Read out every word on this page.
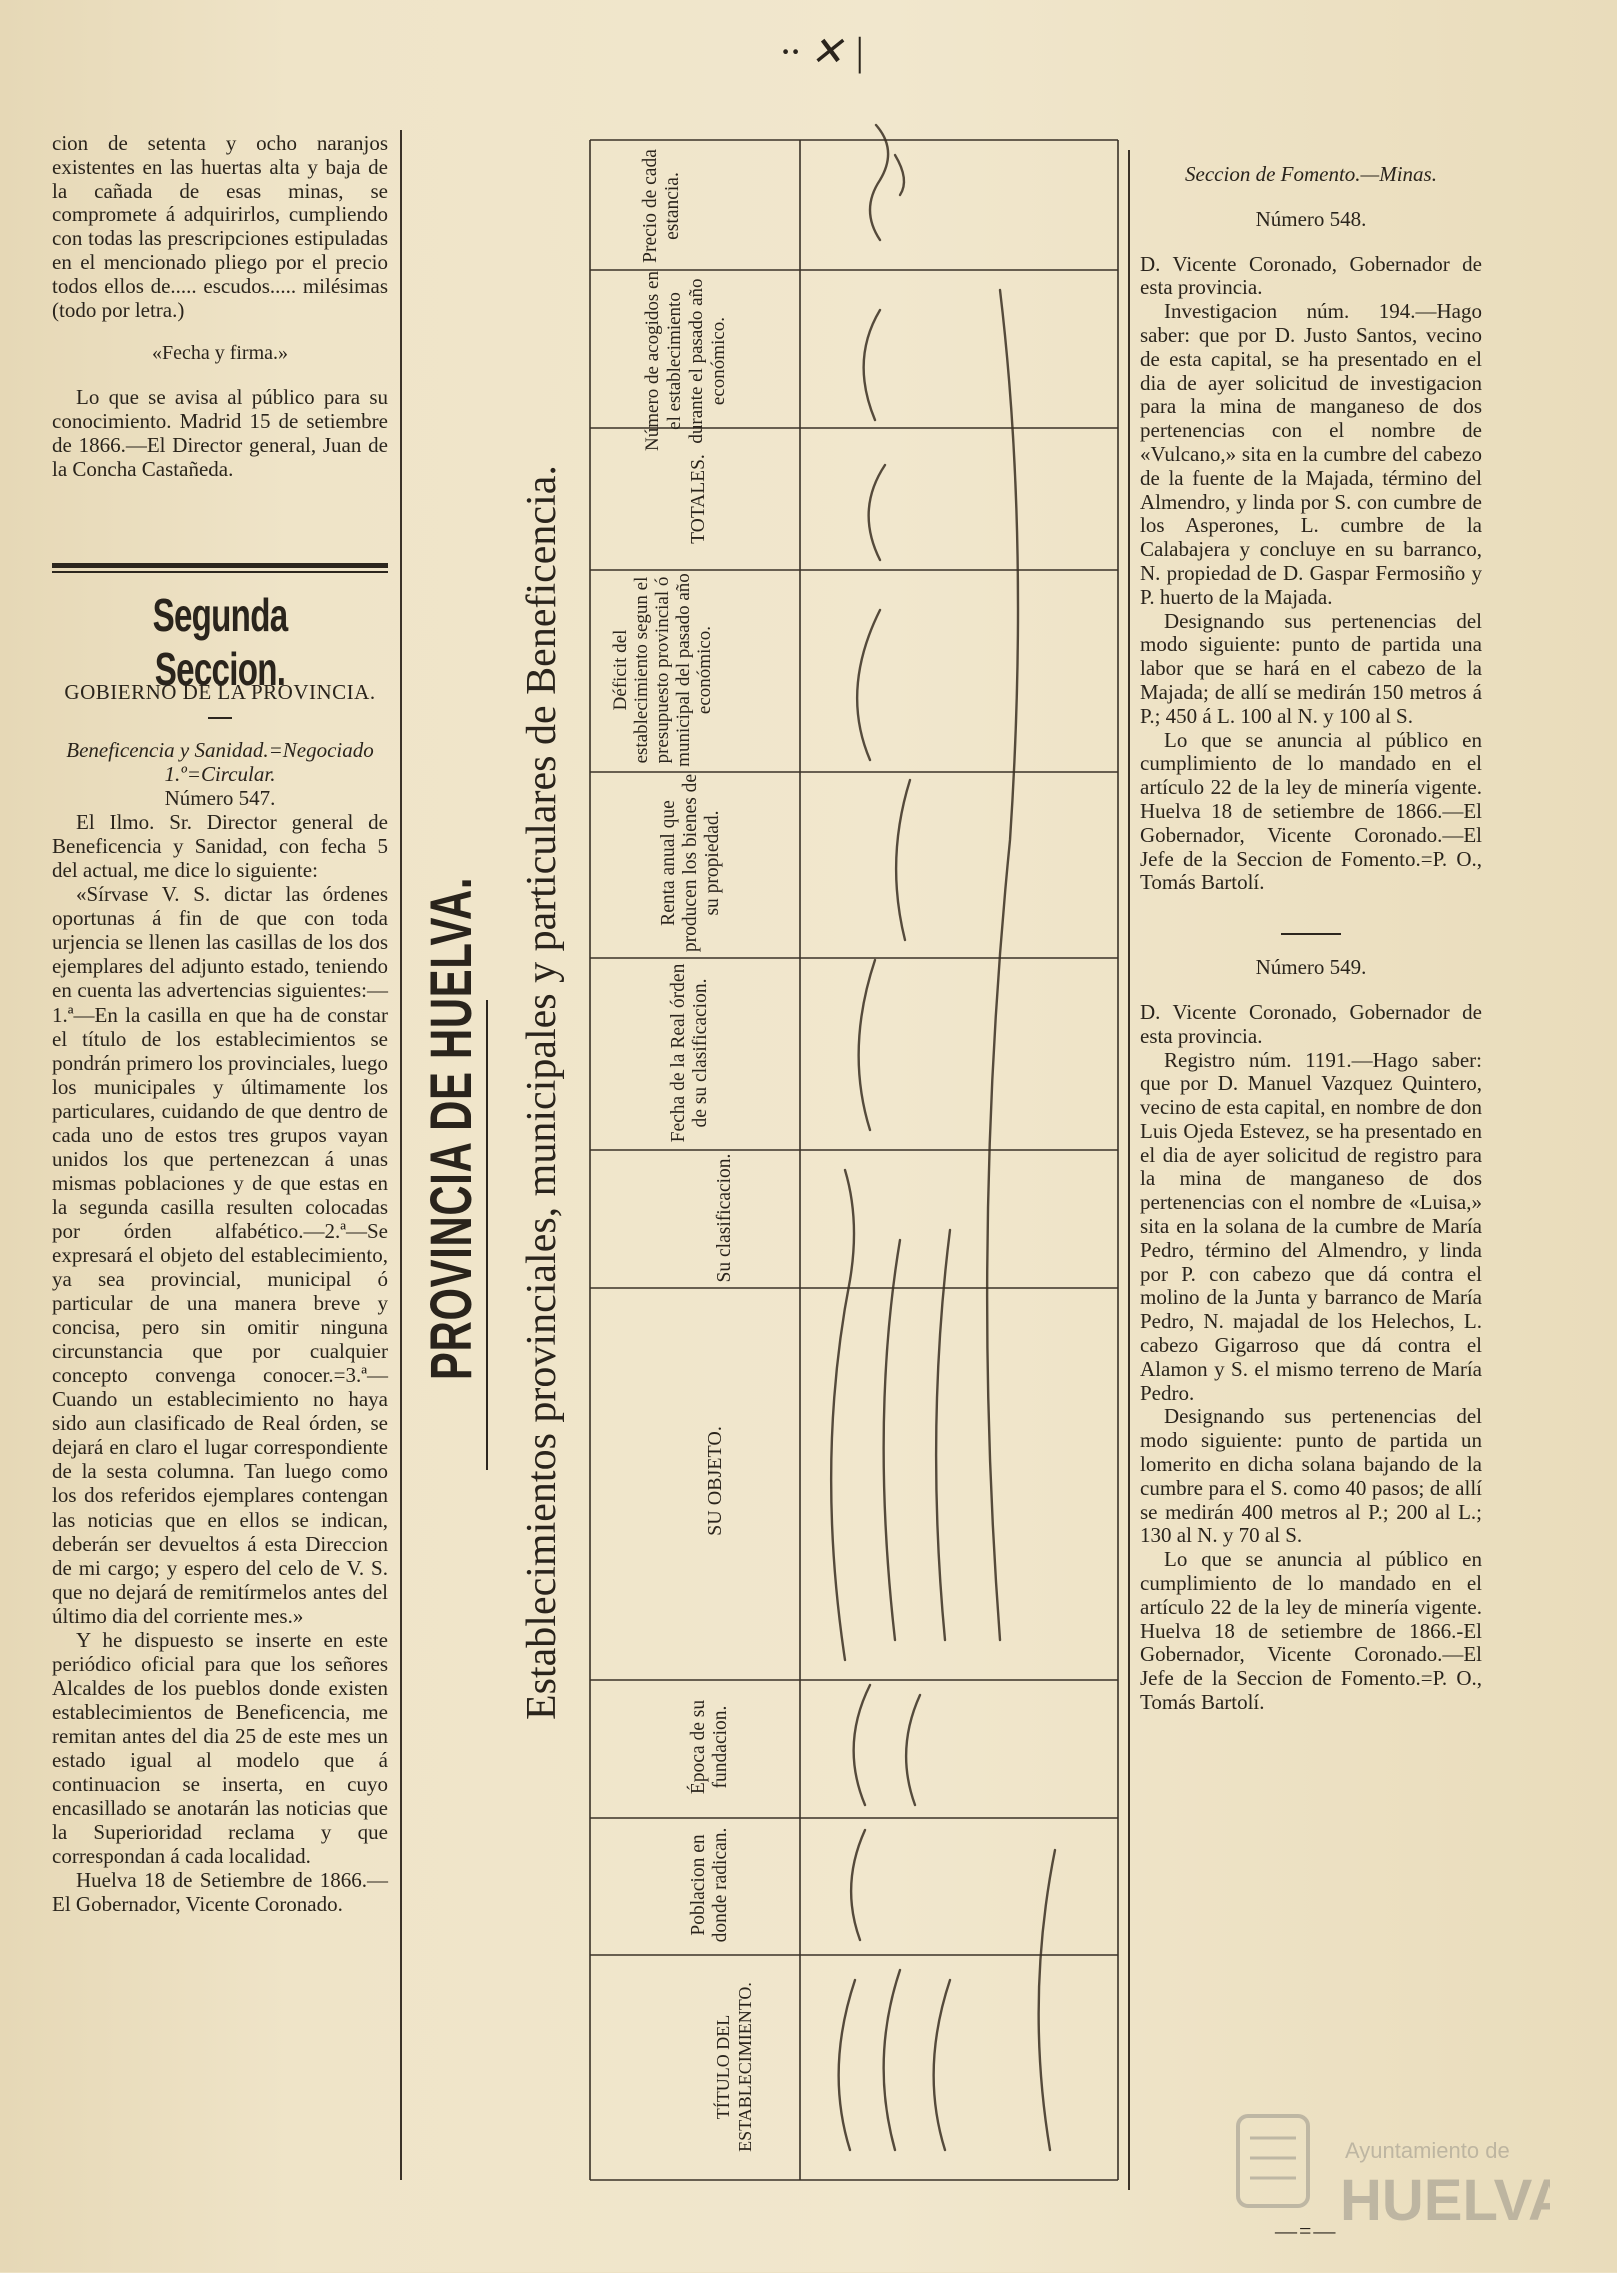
cion de setenta y ocho naranjos existentes en las huertas alta y baja de la cañada de esas minas, se compromete á adquirirlos, cumpliendo con todas las prescripciones estipuladas en el mencionado pliego por el precio todos ellos de..... escudos..... milésimas (todo por letra.)

«Fecha y firma.»

Lo que se avisa al público para su conocimiento. Madrid 15 de setiembre de 1866.—El Director general, Juan de la Concha Castañeda.

Segunda Seccion.
GOBIERNO DE LA PROVINCIA.

Beneficencia y Sanidad.=Negociado 1.º=Circular.

Número 547.

El Ilmo. Sr. Director general de Beneficencia y Sanidad, con fecha 5 del actual, me dice lo siguiente:

«Sírvase V. S. dictar las órdenes oportunas á fin de que con toda urjencia se llenen las casillas de los dos ejemplares del adjunto estado, teniendo en cuenta las advertencias siguientes:—1.ª—En la casilla en que ha de constar el título de los establecimientos se pondrán primero los provinciales, luego los municipales y últimamente los particulares, cuidando de que dentro de cada uno de estos tres grupos vayan unidos los que pertenezcan á unas mismas poblaciones y de que estas en la segunda casilla resulten colocadas por órden alfabético.—2.ª—Se expresará el objeto del establecimiento, ya sea provincial, municipal ó particular de una manera breve y concisa, pero sin omitir ninguna circunstancia que por cualquier concepto convenga conocer.=3.ª—Cuando un establecimiento no haya sido aun clasificado de Real órden, se dejará en claro el lugar correspondiente de la sesta columna. Tan luego como los dos referidos ejemplares contengan las noticias que en ellos se indican, deberán ser devueltos á esta Direccion de mi cargo; y espero del celo de V. S. que no dejará de remitírmelos antes del último dia del corriente mes.»

Y he dispuesto se inserte en este periódico oficial para que los señores Alcaldes de los pueblos donde existen establecimientos de Beneficencia, me remitan antes del dia 25 de este mes un estado igual al modelo que á continuacion se inserta, en cuyo encasillado se anotarán las noticias que la Superioridad reclama y que correspondan á cada localidad.

Huelva 18 de Setiembre de 1866.—El Gobernador, Vicente Coronado.

PROVINCIA DE HUELVA. Establecimientos provinciales, municipales y particulares de Beneficencia.
Precio de cada estancia.
Número de acogidos en el establecimiento durante el pasado año económico.
TOTALES.
Déficit del establecimiento segun el presupuesto provincial ó municipal del pasado año económico.
Renta anual que producen los bienes de su propiedad.
Fecha de la Real órden de su clasificacion.
Su clasificacion.
SU OBJETO.
Época de su fundacion.
Poblacion en donde radican.
TÍTULO DEL ESTABLECIMIENTO.
·· ✕ |

Seccion de Fomento.—Minas.

Número 548.

D. Vicente Coronado, Gobernador de esta provincia.

Investigacion núm. 194.—Hago saber: que por D. Justo Santos, vecino de esta capital, se ha presentado en el dia de ayer solicitud de investigacion para la mina de manganeso de dos pertenencias con el nombre de «Vulcano,» sita en la cumbre del cabezo de la fuente de la Majada, término del Almendro, y linda por S. con cumbre de los Asperones, L. cumbre de la Calabajera y concluye en su barranco, N. propiedad de D. Gaspar Fermosiño y P. huerto de la Majada.

Designando sus pertenencias del modo siguiente: punto de partida una labor que se hará en el cabezo de la Majada; de allí se medirán 150 metros á P.; 450 á L. 100 al N. y 100 al S.

Lo que se anuncia al público en cumplimiento de lo mandado en el artículo 22 de la ley de minería vigente. Huelva 18 de setiembre de 1866.—El Gobernador, Vicente Coronado.—El Jefe de la Seccion de Fomento.=P. O., Tomás Bartolí.

Número 549.

D. Vicente Coronado, Gobernador de esta provincia.

Registro núm. 1191.—Hago saber: que por D. Manuel Vazquez Quintero, vecino de esta capital, en nombre de don Luis Ojeda Estevez, se ha presentado en el dia de ayer solicitud de registro para la mina de manganeso de dos pertenencias con el nombre de «Luisa,» sita en la solana de la cumbre de María Pedro, término del Almendro, y linda por P. con cabezo que dá contra el molino de la Junta y barranco de María Pedro, N. majadal de los Helechos, L. cabezo Gigarroso que dá contra el Alamon y S. el mismo terreno de María Pedro.

Designando sus pertenencias del modo siguiente: punto de partida un lomerito en dicha solana bajando de la cumbre para el S. como 40 pasos; de allí se medirán 400 metros al P.; 200 al L.; 130 al N. y 70 al S.

Lo que se anuncia al público en cumplimiento de lo mandado en el artículo 22 de la ley de minería vigente. Huelva 18 de setiembre de 1866.-El Gobernador, Vicente Coronado.—El Jefe de la Seccion de Fomento.=P. O., Tomás Bartolí.

—=—
Ayuntamiento de
HUELVA
